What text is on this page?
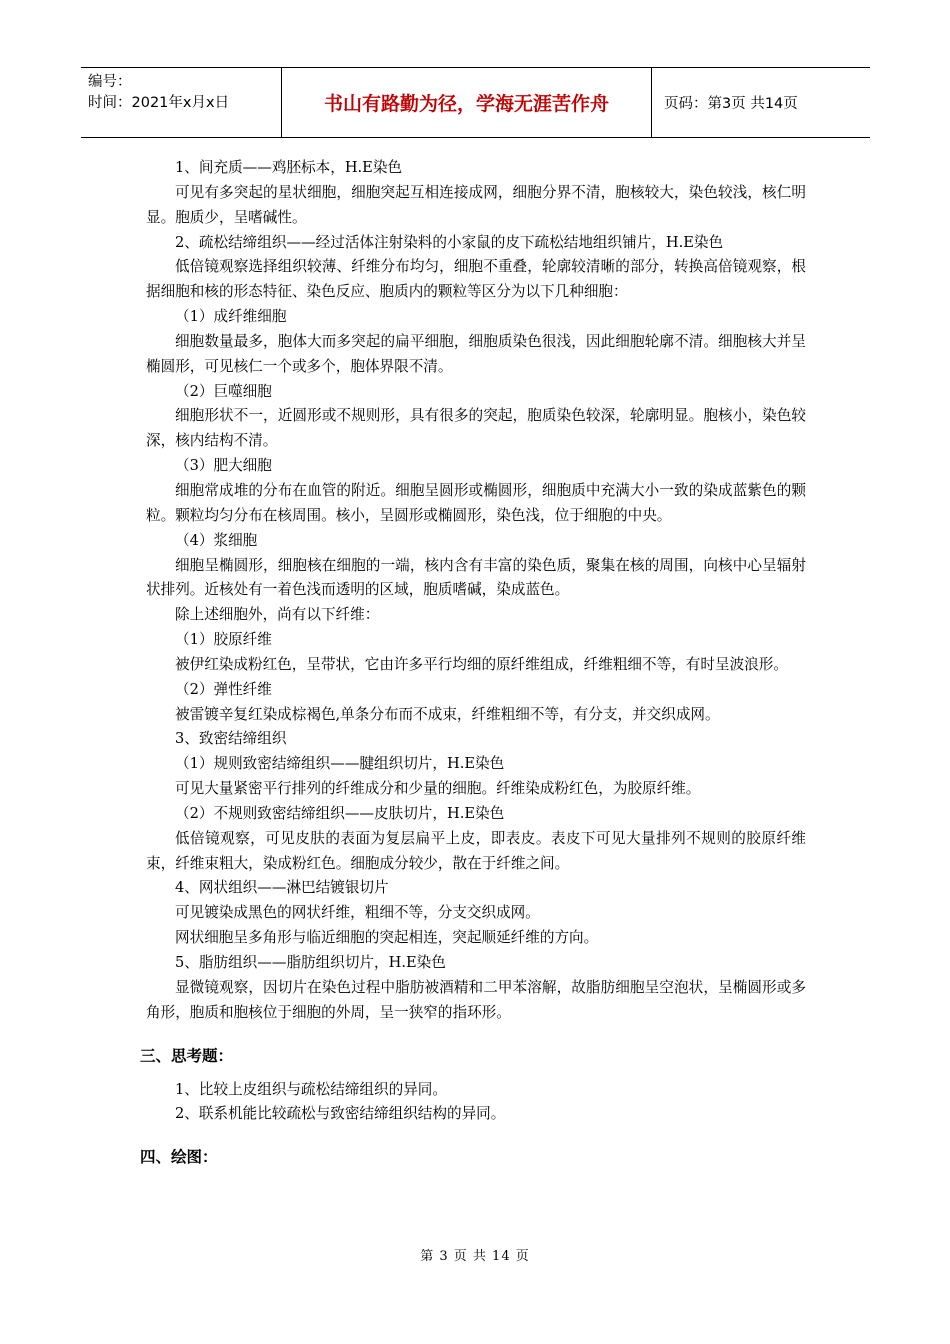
编号：
时间：2021年x月x日	书山有路勤为径，学海无涯苦作舟	页码：第3页 共14页

1、间充质——鸡胚标本，H.E染色

可见有多突起的星状细胞，细胞突起互相连接成网，细胞分界不清，胞核较大，染色较浅，核仁明显。胞质少，呈嗜碱性。

2、疏松结缔组织——经过活体注射染料的小家鼠的皮下疏松结地组织铺片，H.E染色

低倍镜观察选择组织较薄、纤维分布均匀，细胞不重叠，轮廓较清晰的部分，转换高倍镜观察，根据细胞和核的形态特征、染色反应、胞质内的颗粒等区分为以下几种细胞：

（1）成纤维细胞

细胞数量最多，胞体大而多突起的扁平细胞，细胞质染色很浅，因此细胞轮廓不清。细胞核大并呈椭圆形，可见核仁一个或多个，胞体界限不清。

（2）巨噬细胞

细胞形状不一，近圆形或不规则形，具有很多的突起，胞质染色较深，轮廓明显。胞核小，染色较深，核内结构不清。

（3）肥大细胞

细胞常成堆的分布在血管的附近。细胞呈圆形或椭圆形，细胞质中充满大小一致的染成蓝紫色的颗粒。颗粒均匀分布在核周围。核小，呈圆形或椭圆形，染色浅，位于细胞的中央。

（4）浆细胞

细胞呈椭圆形，细胞核在细胞的一端，核内含有丰富的染色质，聚集在核的周围，向核中心呈辐射状排列。近核处有一着色浅而透明的区域，胞质嗜碱，染成蓝色。

除上述细胞外，尚有以下纤维：

（1）胶原纤维

被伊红染成粉红色，呈带状，它由许多平行均细的原纤维组成，纤维粗细不等，有时呈波浪形。

（2）弹性纤维

被雷镀辛复红染成棕褐色,单条分布而不成束，纤维粗细不等，有分支，并交织成网。

3、致密结缔组织

（1）规则致密结缔组织——腱组织切片，H.E染色

可见大量紧密平行排列的纤维成分和少量的细胞。纤维染成粉红色，为胶原纤维。

（2）不规则致密结缔组织——皮肤切片，H.E染色

低倍镜观察，可见皮肤的表面为复层扁平上皮，即表皮。表皮下可见大量排列不规则的胶原纤维束，纤维束粗大，染成粉红色。细胞成分较少，散在于纤维之间。

4、网状组织——淋巴结镀银切片

可见镀染成黑色的网状纤维，粗细不等，分支交织成网。

网状细胞呈多角形与临近细胞的突起相连，突起顺延纤维的方向。

5、脂肪组织——脂肪组织切片，H.E染色

显微镜观察，因切片在染色过程中脂肪被酒精和二甲苯溶解，故脂肪细胞呈空泡状，呈椭圆形或多角形，胞质和胞核位于细胞的外周，呈一狭窄的指环形。

三、思考题：

1、比较上皮组织与疏松结缔组织的异同。

2、联系机能比较疏松与致密结缔组织结构的异同。

四、绘图：

第 3 页 共 14 页
